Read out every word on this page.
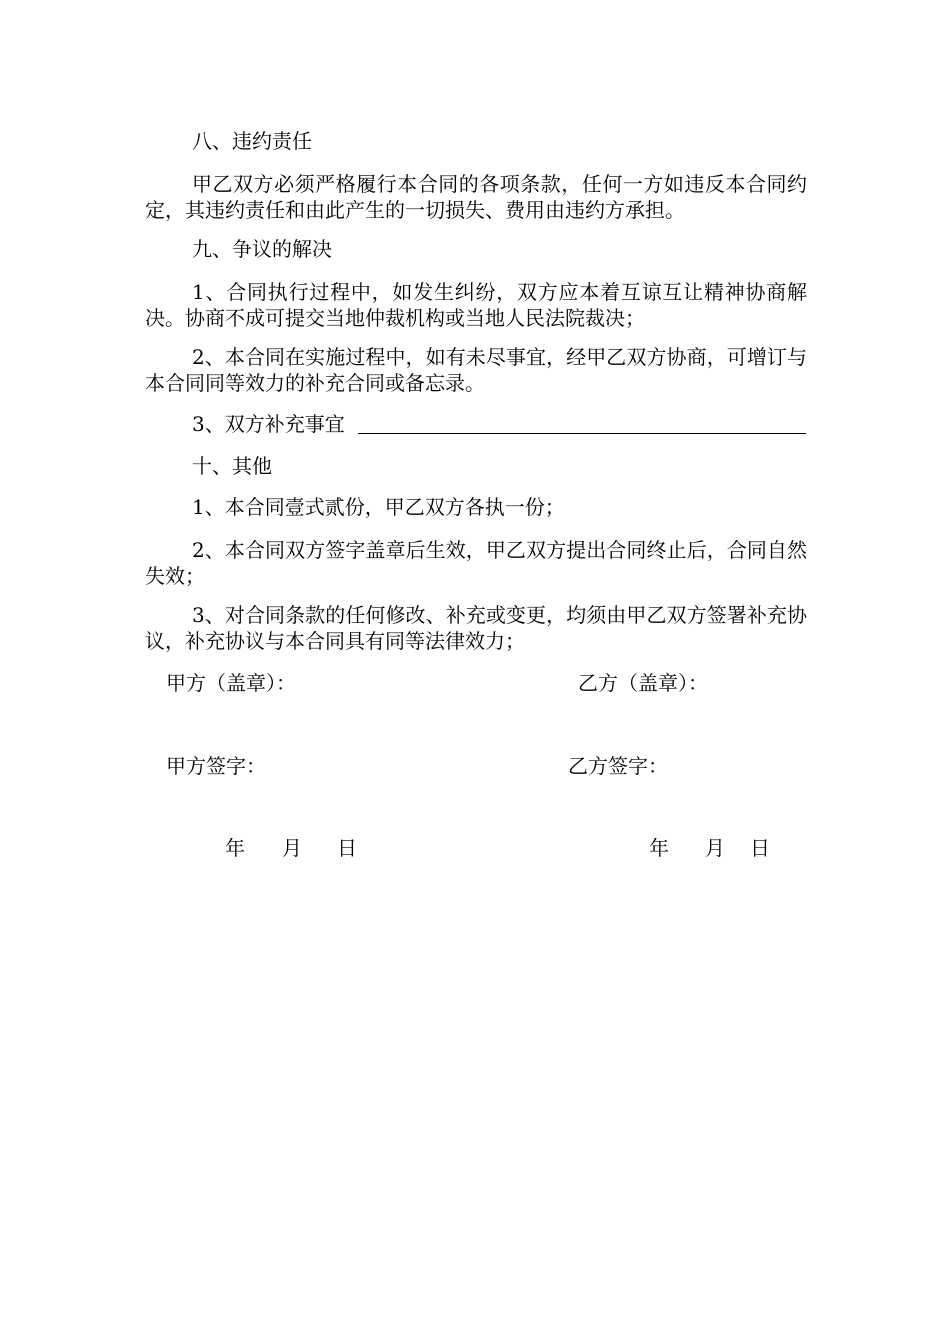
八、违约责任
甲乙双方必须严格履行本合同的各项条款，任何一方如违反本合同约定，其违约责任和由此产生的一切损失、费用由违约方承担。
九、争议的解决
1、合同执行过程中，如发生纠纷，双方应本着互谅互让精神协商解决。协商不成可提交当地仲裁机构或当地人民法院裁决；
2、本合同在实施过程中，如有未尽事宜，经甲乙双方协商，可增订与本合同同等效力的补充合同或备忘录。
3、双方补充事宜
十、其他
1、本合同壹式贰份，甲乙双方各执一份；
2、本合同双方签字盖章后生效，甲乙双方提出合同终止后，合同自然失效；
3、对合同条款的任何修改、补充或变更，均须由甲乙双方签署补充协议，补充协议与本合同具有同等法律效力；
甲方（盖章）：	乙方（盖章）：
甲方签字：	乙方签字：
年 月 日	年 月 日
